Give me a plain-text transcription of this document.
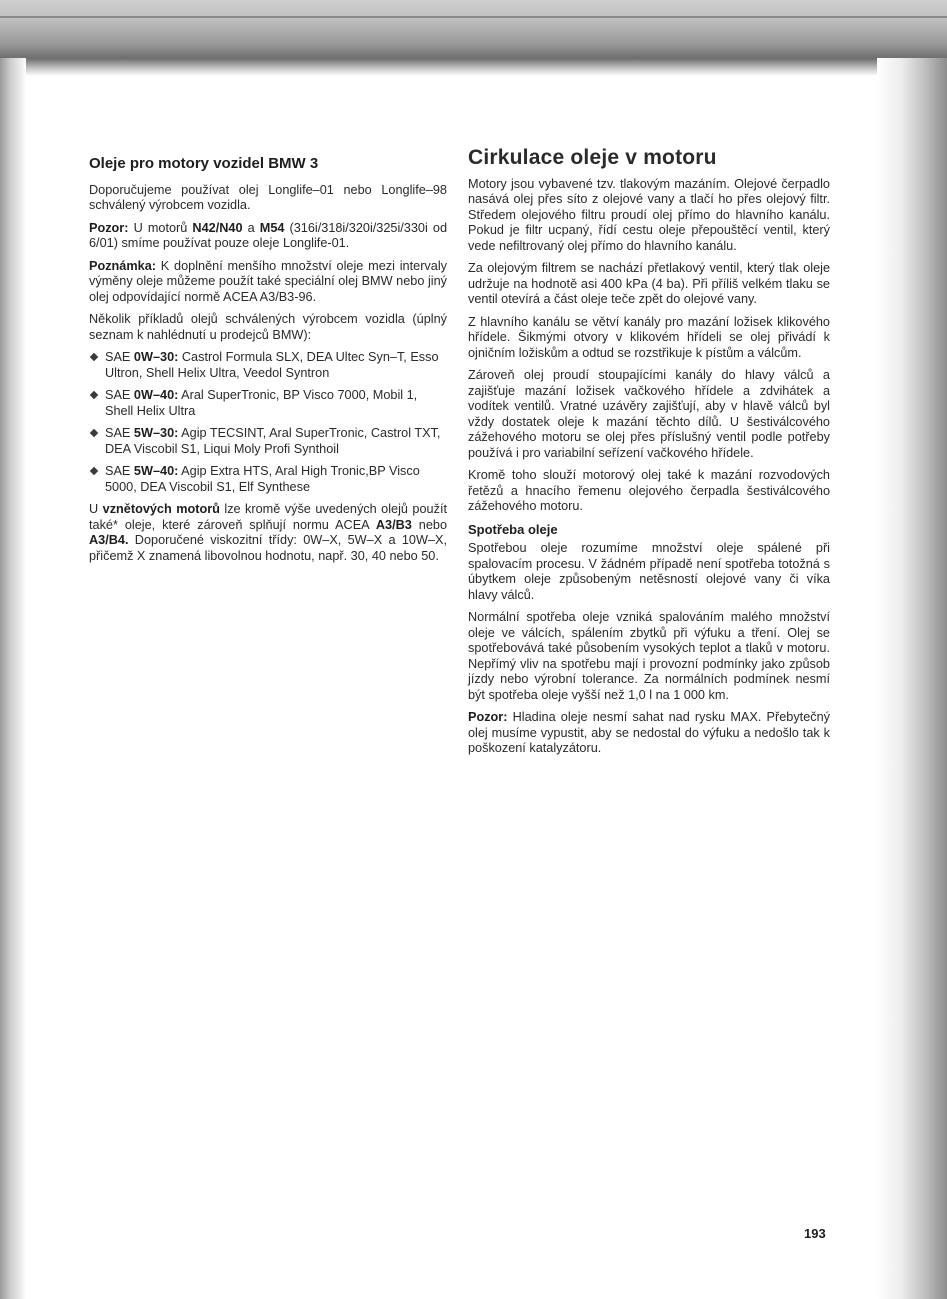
Oleje pro motory vozidel BMW 3

Doporučujeme používat olej Longlife–01 nebo Longlife–98 schválený výrobcem vozidla.

Pozor: U motorů N42/N40 a M54 (316i/318i/320i/325i/330i od 6/01) smíme používat pouze oleje Longlife-01.

Poznámka: K doplnění menšího množství oleje mezi intervaly výměny oleje můžeme použít také speciální olej BMW nebo jiný olej odpovídající normě ACEA A3/B3-96.

Několik příkladů olejů schválených výrobcem vozidla (úplný seznam k nahlédnutí u prodejců BMW):

SAE 0W–30: Castrol Formula SLX, DEA Ultec Syn–T, Esso Ultron, Shell Helix Ultra, Veedol Syntron
SAE 0W–40: Aral SuperTronic, BP Visco 7000, Mobil 1, Shell Helix Ultra
SAE 5W–30: Agip TECSINT, Aral SuperTronic, Castrol TXT, DEA Viscobil S1, Liqui Moly Profi Synthoil
SAE 5W–40: Agip Extra HTS, Aral High Tronic,BP Visco 5000, DEA Viscobil S1, Elf Synthese

U vznětových motorů lze kromě výše uvedených olejů použít také* oleje, které zároveň splňují normu ACEA A3/B3 nebo A3/B4. Doporučené viskozitní třídy: 0W–X, 5W–X a 10W–X, přičemž X znamená libovolnou hodnotu, např. 30, 40 nebo 50.

Cirkulace oleje v motoru

Motory jsou vybavené tzv. tlakovým mazáním. Olejové čerpadlo nasává olej přes síto z olejové vany a tlačí ho přes olejový filtr. Středem olejového filtru proudí olej přímo do hlavního kanálu. Pokud je filtr ucpaný, řídí cestu oleje přepouštěcí ventil, který vede nefiltrovaný olej přímo do hlavního kanálu.

Za olejovým filtrem se nachází přetlakový ventil, který tlak oleje udržuje na hodnotě asi 400 kPa (4 ba). Při příliš velkém tlaku se ventil otevírá a část oleje teče zpět do olejové vany.

Z hlavního kanálu se větví kanály pro mazání ložisek klikového hřídele. Šikmými otvory v klikovém hřídeli se olej přivádí k ojničním ložiskům a odtud se rozstřikuje k pístům a válcům.

Zároveň olej proudí stoupajícími kanály do hlavy válců a zajišťuje mazání ložisek vačkového hřídele a zdvihátek a vodítek ventilů. Vratné uzávěry zajišťují, aby v hlavě válců byl vždy dostatek oleje k mazání těchto dílů. U šestiválcového zážehového motoru se olej přes příslušný ventil podle potřeby používá i pro variabilní seřízení vačkového hřídele.

Kromě toho slouží motorový olej také k mazání rozvodových řetězů a hnacího řemenu olejového čerpadla šestiválcového zážehového motoru.

Spotřeba oleje

Spotřebou oleje rozumíme množství oleje spálené při spalovacím procesu. V žádném případě není spotřeba totožná s úbytkem oleje způsobeným netěsností olejové vany či víka hlavy válců.

Normální spotřeba oleje vzniká spalováním malého množství oleje ve válcích, spálením zbytků při výfuku a tření. Olej se spotřebovává také působením vysokých teplot a tlaků v motoru. Nepřímý vliv na spotřebu mají i provozní podmínky jako způsob jízdy nebo výrobní tolerance. Za normálních podmínek nesmí být spotřeba oleje vyšší než 1,0 l na 1 000 km.

Pozor: Hladina oleje nesmí sahat nad rysku MAX. Přebytečný olej musíme vypustit, aby se nedostal do výfuku a nedošlo tak k poškození katalyzátoru.

193
